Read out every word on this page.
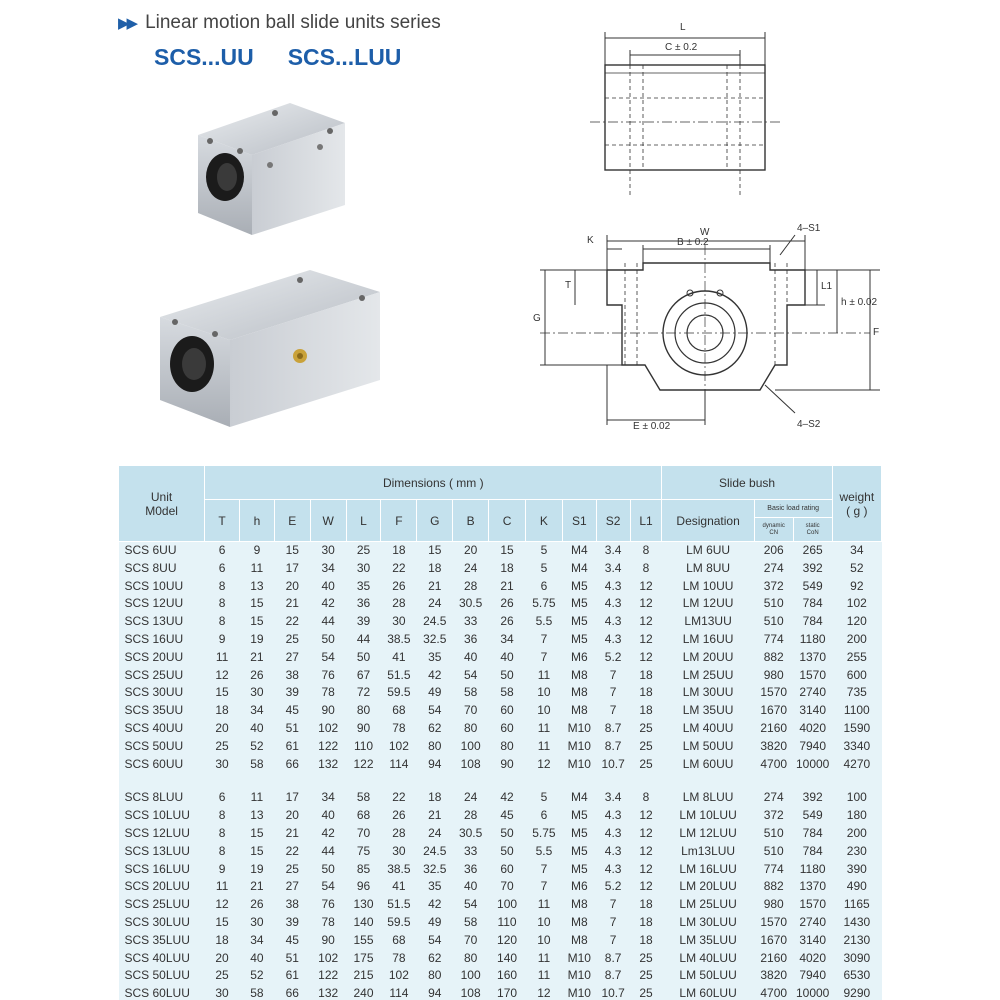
▶▶ Linear motion ball slide units series
SCS...UU SCS...LUU
L
C ± 0.2
W
K	B ± 0.2
4–S1
T
G
L1
h ± 0.02
F
E ± 0.02	4–S2
Unit
M0del	Dimensions ( mm )													Slide bush			weight
( g )

	T	h	E	W	L	F	G	B	C	K	S1	S2	L1	Designation	Basic load rating		

															dynamic
CN	static
CoN	

SCS 6UU	6	9	15	30	25	18	15	20	15	5	M4	3.4	8	LM 6UU	206	265	34
SCS 8UU	6	11	17	34	30	22	18	24	18	5	M4	3.4	8	LM 8UU	274	392	52
SCS 10UU	8	13	20	40	35	26	21	28	21	6	M5	4.3	12	LM 10UU	372	549	92
SCS 12UU	8	15	21	42	36	28	24	30.5	26	5.75	M5	4.3	12	LM 12UU	510	784	102
SCS 13UU	8	15	22	44	39	30	24.5	33	26	5.5	M5	4.3	12	LM13UU	510	784	120
SCS 16UU	9	19	25	50	44	38.5	32.5	36	34	7	M5	4.3	12	LM 16UU	774	1180	200
SCS 20UU	11	21	27	54	50	41	35	40	40	7	M6	5.2	12	LM 20UU	882	1370	255
SCS 25UU	12	26	38	76	67	51.5	42	54	50	11	M8	7	18	LM 25UU	980	1570	600
SCS 30UU	15	30	39	78	72	59.5	49	58	58	10	M8	7	18	LM 30UU	1570	2740	735
SCS 35UU	18	34	45	90	80	68	54	70	60	10	M8	7	18	LM 35UU	1670	3140	1100
SCS 40UU	20	40	51	102	90	78	62	80	60	11	M10	8.7	25	LM 40UU	2160	4020	1590
SCS 50UU	25	52	61	122	110	102	80	100	80	11	M10	8.7	25	LM 50UU	3820	7940	3340
SCS 60UU	30	58	66	132	122	114	94	108	90	12	M10	10.7	25	LM 60UU	4700	10000	4270

SCS 8LUU	6	11	17	34	58	22	18	24	42	5	M4	3.4	8	LM 8LUU	274	392	100
SCS 10LUU	8	13	20	40	68	26	21	28	45	6	M5	4.3	12	LM 10LUU	372	549	180
SCS 12LUU	8	15	21	42	70	28	24	30.5	50	5.75	M5	4.3	12	LM 12LUU	510	784	200
SCS 13LUU	8	15	22	44	75	30	24.5	33	50	5.5	M5	4.3	12	Lm13LUU	510	784	230
SCS 16LUU	9	19	25	50	85	38.5	32.5	36	60	7	M5	4.3	12	LM 16LUU	774	1180	390
SCS 20LUU	11	21	27	54	96	41	35	40	70	7	M6	5.2	12	LM 20LUU	882	1370	490
SCS 25LUU	12	26	38	76	130	51.5	42	54	100	11	M8	7	18	LM 25LUU	980	1570	1165
SCS 30LUU	15	30	39	78	140	59.5	49	58	110	10	M8	7	18	LM 30LUU	1570	2740	1430
SCS 35LUU	18	34	45	90	155	68	54	70	120	10	M8	7	18	LM 35LUU	1670	3140	2130
SCS 40LUU	20	40	51	102	175	78	62	80	140	11	M10	8.7	25	LM 40LUU	2160	4020	3090
SCS 50LUU	25	52	61	122	215	102	80	100	160	11	M10	8.7	25	LM 50LUU	3820	7940	6530
SCS 60LUU	30	58	66	132	240	114	94	108	170	12	M10	10.7	25	LM 60LUU	4700	10000	9290
